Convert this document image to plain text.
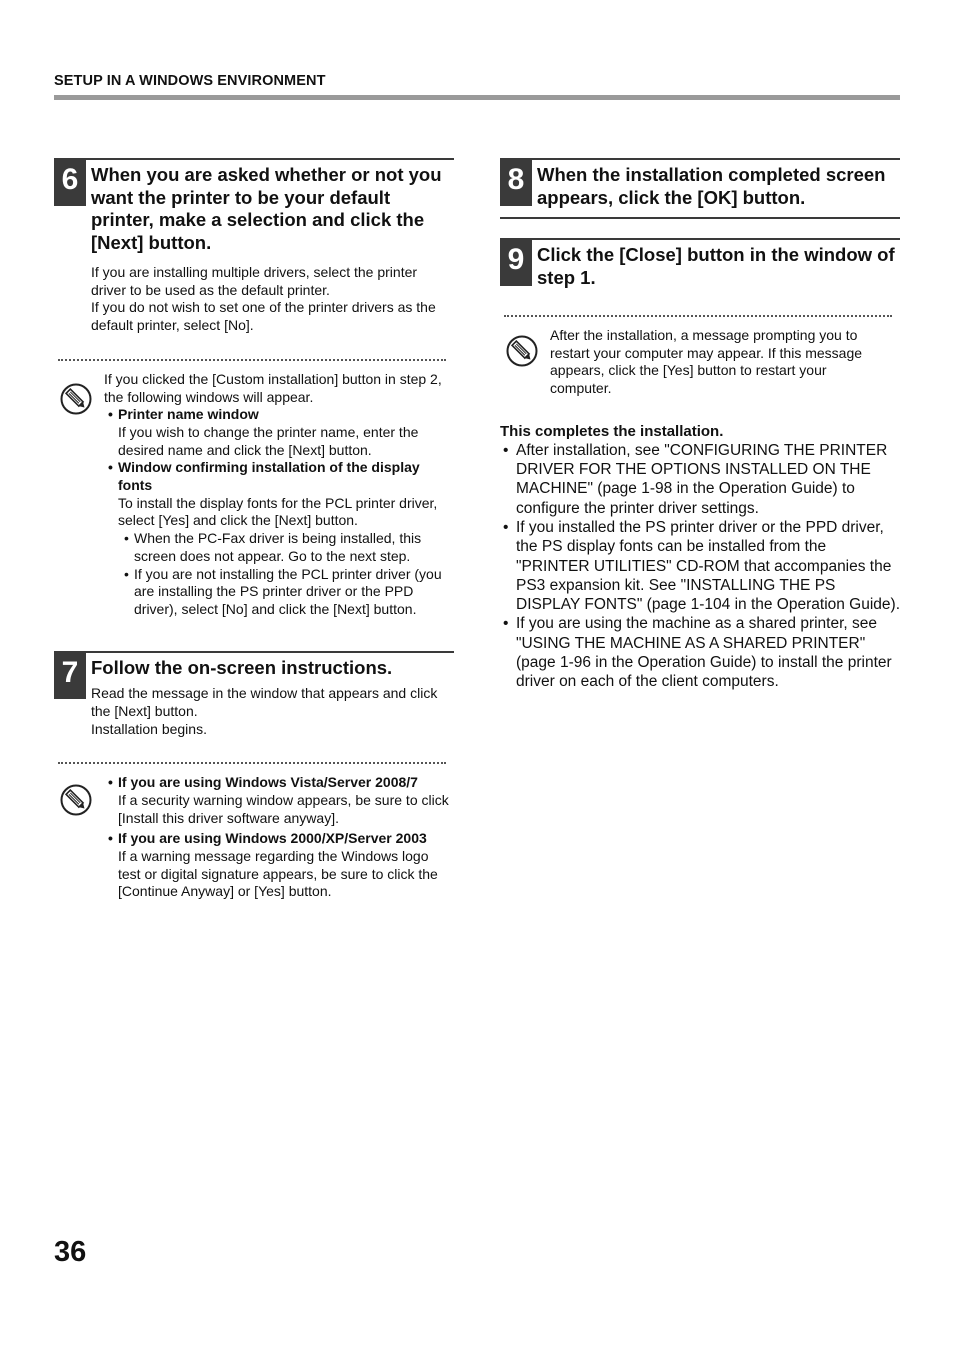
SETUP IN A WINDOWS ENVIRONMENT
6 When you are asked whether or not you want the printer to be your default printer, make a selection and click the [Next] button.

If you are installing multiple drivers, select the printer driver to be used as the default printer.

If you do not wish to set one of the printer drivers as the default printer, select [No].

If you clicked the [Custom installation] button in step 2, the following windows will appear.

• Printer name window
If you wish to change the printer name, enter the desired name and click the [Next] button.
• Window confirming installation of the display fonts
To install the display fonts for the PCL printer driver, select [Yes] and click the [Next] button.
• When the PC-Fax driver is being installed, this screen does not appear. Go to the next step.
• If you are not installing the PCL printer driver (you are installing the PS printer driver or the PPD driver), select [No] and click the [Next] button.
7 Follow the on-screen instructions.

Read the message in the window that appears and click the [Next] button.

Installation begins.

• If you are using Windows Vista/Server 2008/7
If a security warning window appears, be sure to click [Install this driver software anyway].
• If you are using Windows 2000/XP/Server 2003
If a warning message regarding the Windows logo test or digital signature appears, be sure to click the [Continue Anyway] or [Yes] button.
8 When the installation completed screen appears, click the [OK] button.
9 Click the [Close] button in the window of step 1.
After the installation, a message prompting you to restart your computer may appear. If this message appears, click the [Yes] button to restart your computer.
This completes the installation.
• After installation, see "CONFIGURING THE PRINTER DRIVER FOR THE OPTIONS INSTALLED ON THE MACHINE" (page 1-98 in the Operation Guide) to configure the printer driver settings.
• If you installed the PS printer driver or the PPD driver, the PS display fonts can be installed from the "PRINTER UTILITIES" CD-ROM that accompanies the PS3 expansion kit. See "INSTALLING THE PS DISPLAY FONTS" (page 1-104 in the Operation Guide).
• If you are using the machine as a shared printer, see "USING THE MACHINE AS A SHARED PRINTER" (page 1-96 in the Operation Guide) to install the printer driver on each of the client computers.
36
